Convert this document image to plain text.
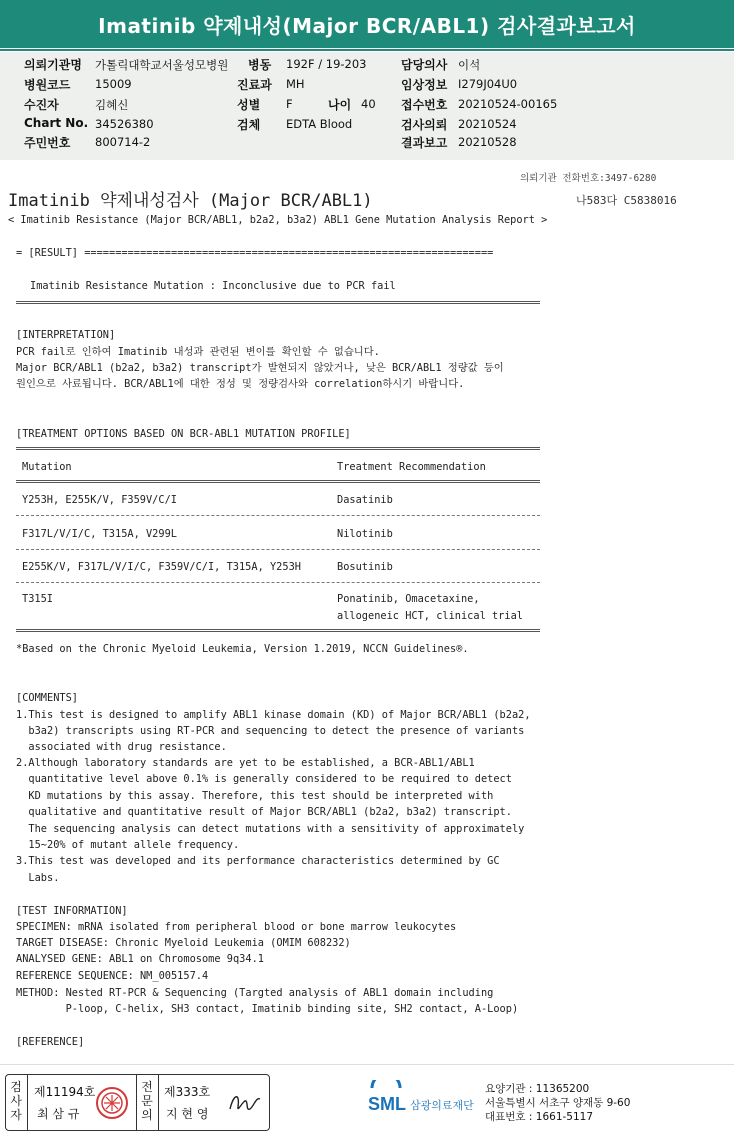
Imatinib 약제내성(Major BCR/ABL1) 검사결과보고서
의뢰기관명 가톨릭대학교서울성모병원
병원코드 15009
수진자	김혜신
Chart No. 34526380
주민번호 800714-2
병동 192F / 19-203
진료과 MH
성별 F	나이 40
검체 EDTA Blood
담당의사 이석
임상정보 I279J04U0
접수번호 20210524-00165
검사의뢰 20210524
결과보고 20210528
의뢰기관 전화번호:3497-6280
Imatinib 약제내성검사 (Major BCR/ABL1)	나583다 C5838016
< Imatinib Resistance (Major BCR/ABL1, b2a2, b3a2) ABL1 Gene Mutation Analysis Report >
= [RESULT] ==================================================================
Imatinib Resistance Mutation : Inconclusive due to PCR fail
[INTERPRETATION]
PCR fail로 인하여 Imatinib 내성과 관련된 변이를 확인할 수 없습니다.
Major BCR/ABL1 (b2a2, b3a2) transcript가 발현되지 않았거나, 낮은 BCR/ABL1 정량값 등이
원인으로 사료됩니다. BCR/ABL1에 대한 정성 및 정량검사와 correlation하시기 바랍니다.
[TREATMENT OPTIONS BASED ON BCR-ABL1 MUTATION PROFILE]
Mutation	Treatment Recommendation
Y253H, E255K/V, F359V/C/I	Dasatinib
F317L/V/I/C, T315A, V299L	Nilotinib
E255K/V, F317L/V/I/C, F359V/C/I, T315A, Y253H	Bosutinib
T315I	Ponatinib, Omacetaxine,
allogeneic HCT, clinical trial
*Based on the Chronic Myeloid Leukemia, Version 1.2019, NCCN Guidelines®.
[COMMENTS]
1.This test is designed to amplify ABL1 kinase domain (KD) of Major BCR/ABL1 (b2a2,
b3a2) transcripts using RT-PCR and sequencing to detect the presence of variants
associated with drug resistance.
2.Although laboratory standards are yet to be established, a BCR-ABL1/ABL1
quantitative level above 0.1% is generally considered to be required to detect
KD mutations by this assay. Therefore, this test should be interpreted with
qualitative and quantitative result of Major BCR/ABL1 (b2a2, b3a2) transcript.
The sequencing analysis can detect mutations with a sensitivity of approximately
15~20% of mutant allele frequency.
3.This test was developed and its performance characteristics determined by GC
Labs.
[TEST INFORMATION]
SPECIMEN: mRNA isolated from peripheral blood or bone marrow leukocytes
TARGET DISEASE: Chronic Myeloid Leukemia (OMIM 608232)
ANALYSED GENE: ABL1 on Chromosome 9q34.1
REFERENCE SEQUENCE: NM_005157.4
METHOD: Nested RT-PCR & Sequencing (Targted analysis of ABL1 domain including
P-loop, C-helix, SH3 contact, Imatinib binding site, SH2 contact, A-Loop)
[REFERENCE]
검사자
제11194호
최 삼 규
전문의
제333호
지 현 영	SML 삼광의료재단
요양기관 : 11365200
서울특별시 서초구 양재동 9-60
대표번호 : 1661-5117
